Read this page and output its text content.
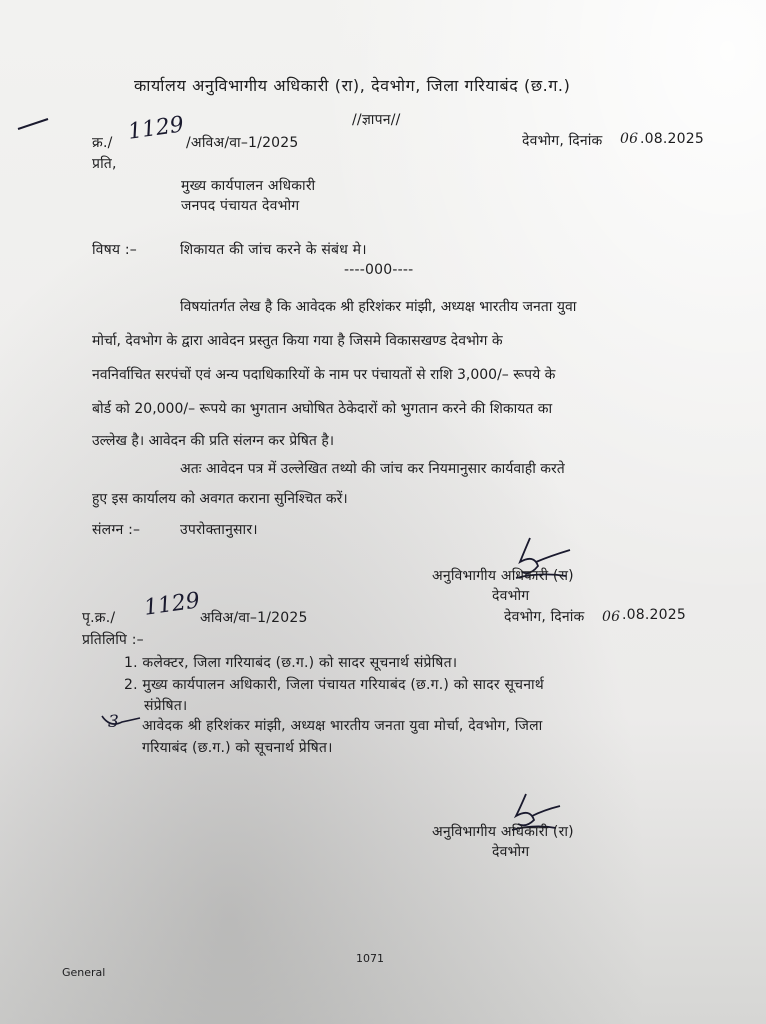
कार्यालय अनुविभागीय अधिकारी (रा), देवभोग, जिला गरियाबंद (छ.ग.)
//ज्ञापन//
क्र./ 1129 /अविअ/वा–1/2025	देवभोग, दिनांक 06 .08.2025
प्रति,
मुख्य कार्यपालन अधिकारी
जनपद पंचायत देवभोग
विषय :–	शिकायत की जांच करने के संबंध मे।
----000----
विषयांतर्गत लेख है कि आवेदक श्री हरिशंकर मांझी, अध्यक्ष भारतीय जनता युवा
मोर्चा, देवभोग के द्वारा आवेदन प्रस्तुत किया गया है जिसमे विकासखण्ड देवभोग के
नवनिर्वाचित सरपंचों एवं अन्य पदाधिकारियों के नाम पर पंचायतों से राशि 3,000/– रूपये के
बोर्ड को 20,000/– रूपये का भुगतान अघोषित ठेकेदारों को भुगतान करने की शिकायत का
उल्लेख है। आवेदन की प्रति संलग्न कर प्रेषित है।
अतः आवेदन पत्र में उल्लेखित तथ्यो की जांच कर नियमानुसार कार्यवाही करते
हुए इस कार्यालय को अवगत कराना सुनिश्चित करें।
संलग्न :–	उपरोक्तानुसार।
अनुविभागीय अधिकारी (रा)
देवभोग
पृ.क्र./ 1129
अविअ/वा–1/2025	देवभोग, दिनांक 06 .08.2025
प्रतिलिपि :–
1. कलेक्टर, जिला गरियाबंद (छ.ग.) को सादर सूचनार्थ संप्रेषित।
2. मुख्य कार्यपालन अधिकारी, जिला पंचायत गरियाबंद (छ.ग.) को सादर सूचनार्थ
संप्रेषित।
3 आवेदक श्री हरिशंकर मांझी, अध्यक्ष भारतीय जनता युवा मोर्चा, देवभोग, जिला
गरियाबंद (छ.ग.) को सूचनार्थ प्रेषित।
अनुविभागीय अधिकारी (रा)
देवभोग
1071
General
